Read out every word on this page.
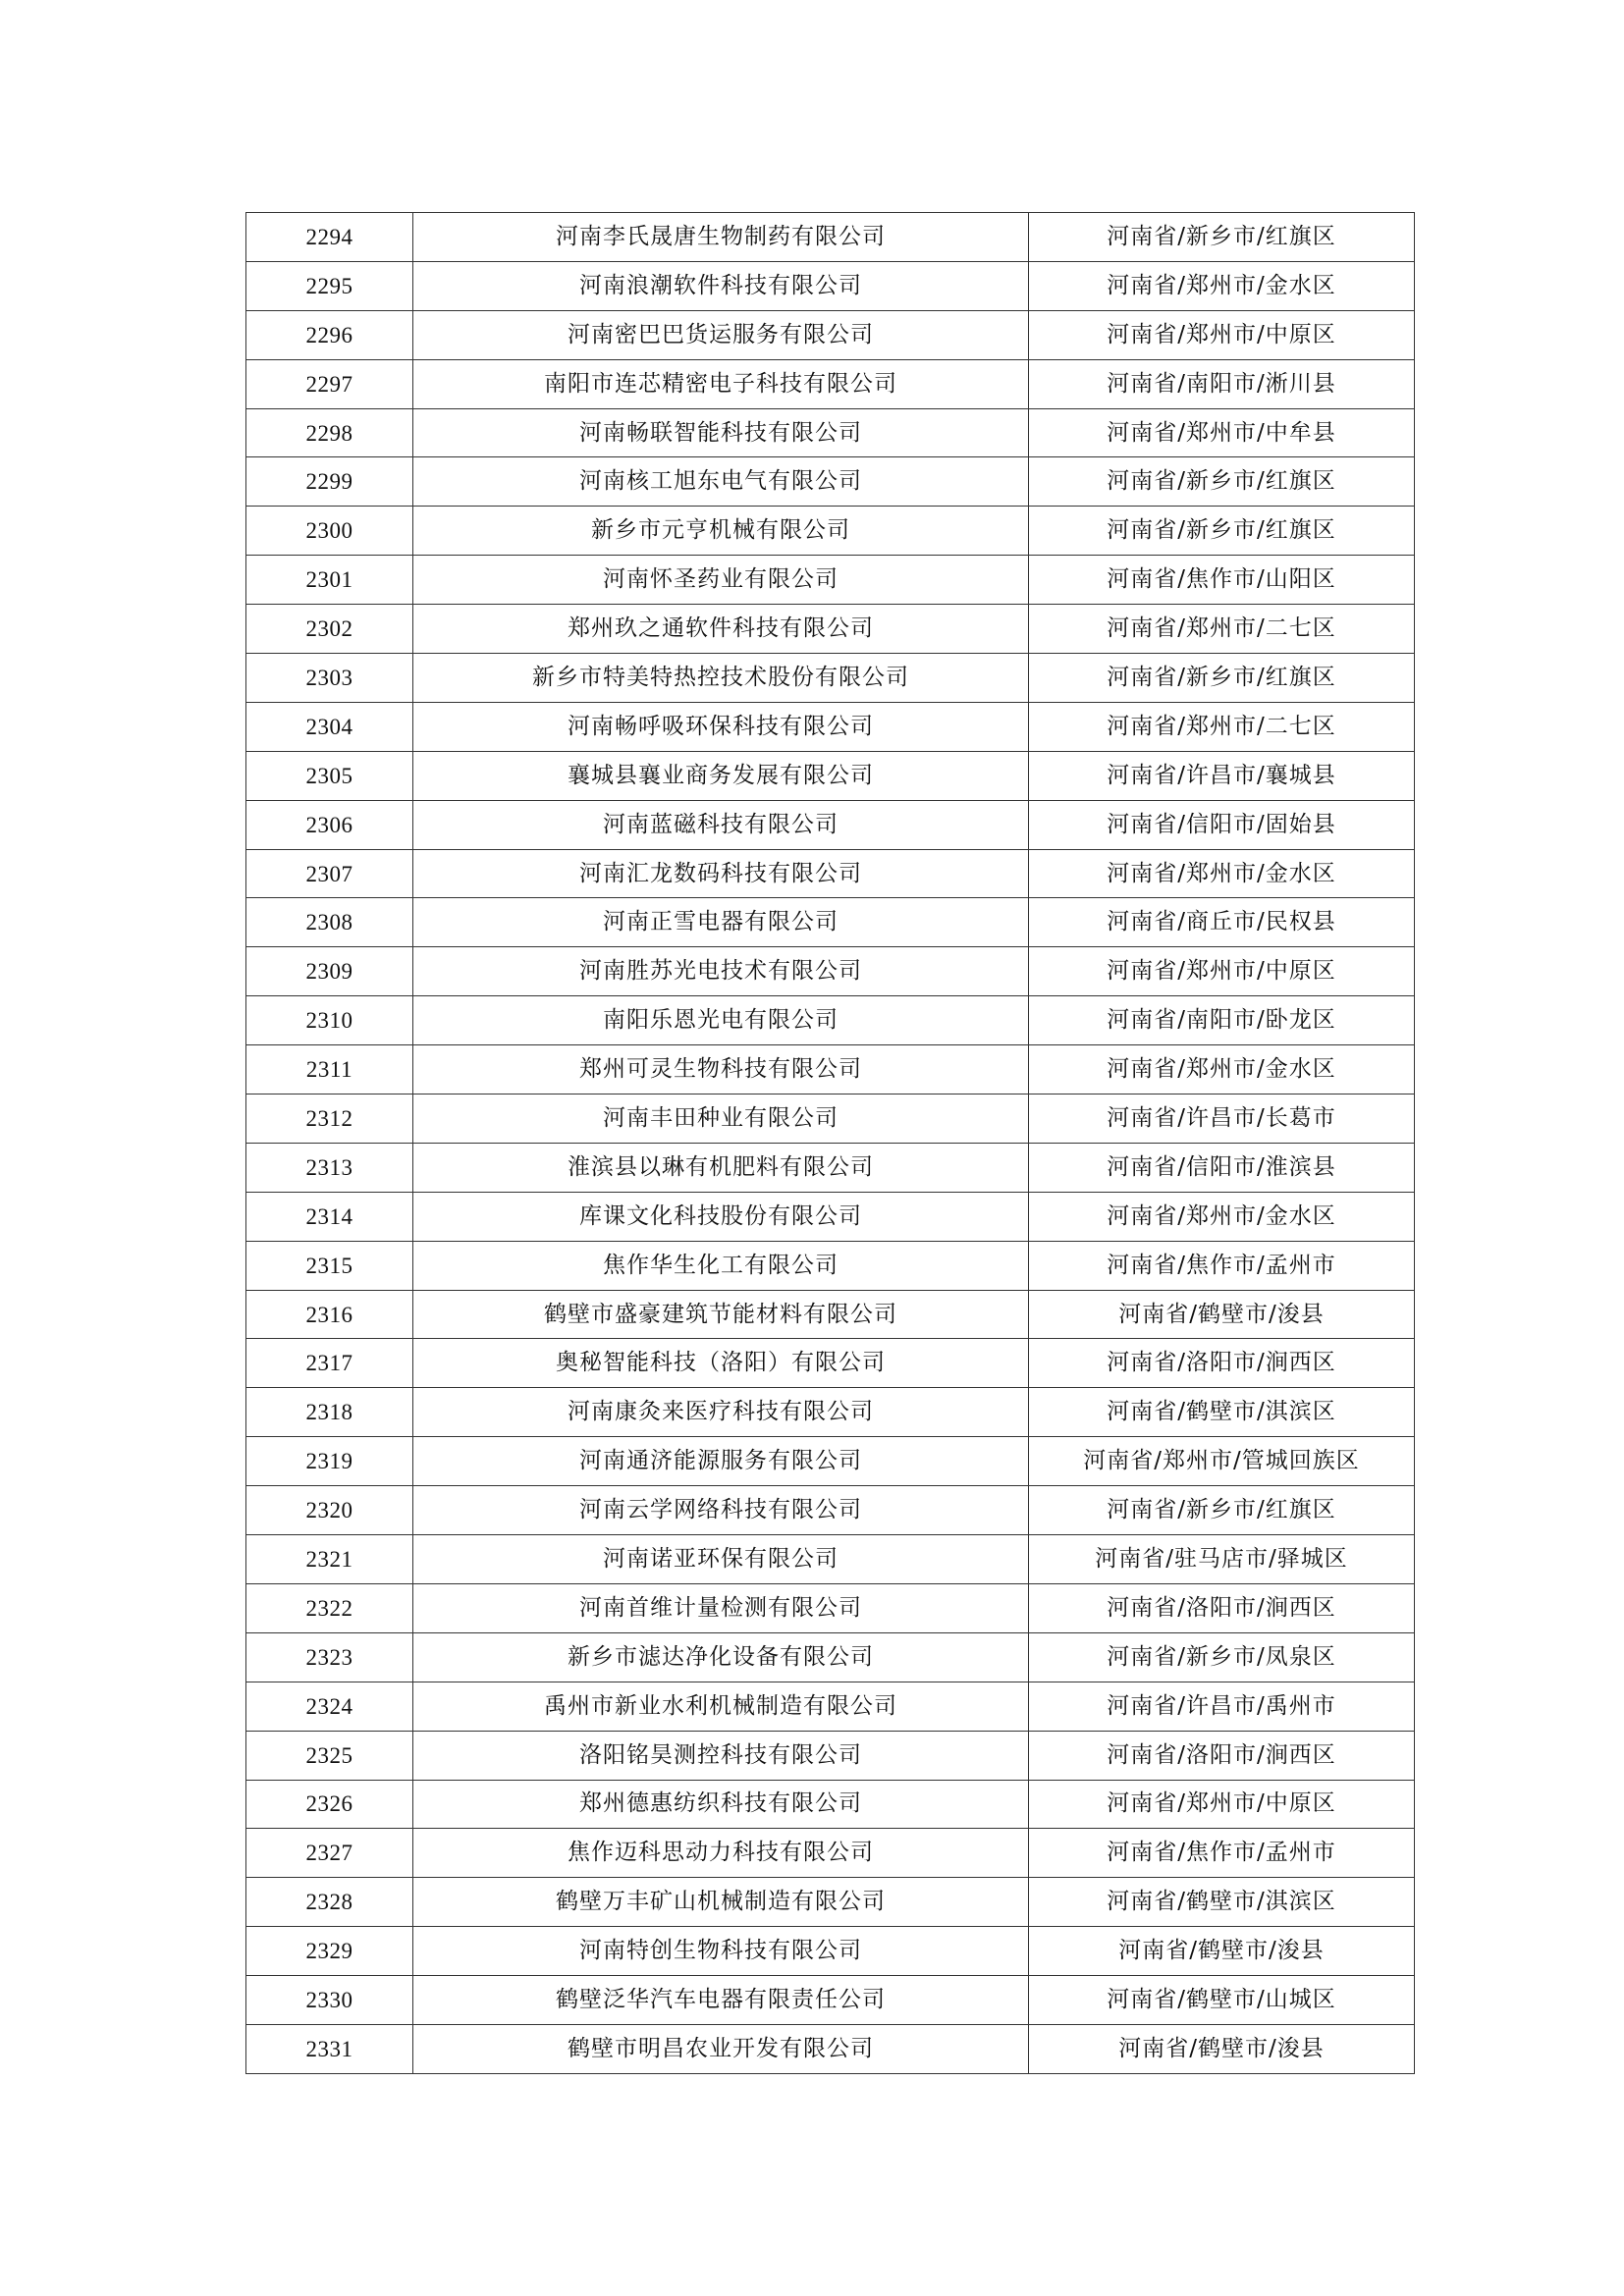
2294	河南李氏晟唐生物制药有限公司	河南省/新乡市/红旗区
2295	河南浪潮软件科技有限公司	河南省/郑州市/金水区
2296	河南密巴巴货运服务有限公司	河南省/郑州市/中原区
2297	南阳市连芯精密电子科技有限公司	河南省/南阳市/淅川县
2298	河南畅联智能科技有限公司	河南省/郑州市/中牟县
2299	河南核工旭东电气有限公司	河南省/新乡市/红旗区
2300	新乡市元亨机械有限公司	河南省/新乡市/红旗区
2301	河南怀圣药业有限公司	河南省/焦作市/山阳区
2302	郑州玖之通软件科技有限公司	河南省/郑州市/二七区
2303	新乡市特美特热控技术股份有限公司	河南省/新乡市/红旗区
2304	河南畅呼吸环保科技有限公司	河南省/郑州市/二七区
2305	襄城县襄业商务发展有限公司	河南省/许昌市/襄城县
2306	河南蓝磁科技有限公司	河南省/信阳市/固始县
2307	河南汇龙数码科技有限公司	河南省/郑州市/金水区
2308	河南正雪电器有限公司	河南省/商丘市/民权县
2309	河南胜苏光电技术有限公司	河南省/郑州市/中原区
2310	南阳乐恩光电有限公司	河南省/南阳市/卧龙区
2311	郑州可灵生物科技有限公司	河南省/郑州市/金水区
2312	河南丰田种业有限公司	河南省/许昌市/长葛市
2313	淮滨县以琳有机肥料有限公司	河南省/信阳市/淮滨县
2314	库课文化科技股份有限公司	河南省/郑州市/金水区
2315	焦作华生化工有限公司	河南省/焦作市/孟州市
2316	鹤壁市盛豪建筑节能材料有限公司	河南省/鹤壁市/浚县
2317	奥秘智能科技（洛阳）有限公司	河南省/洛阳市/涧西区
2318	河南康灸来医疗科技有限公司	河南省/鹤壁市/淇滨区
2319	河南通济能源服务有限公司	河南省/郑州市/管城回族区
2320	河南云学网络科技有限公司	河南省/新乡市/红旗区
2321	河南诺亚环保有限公司	河南省/驻马店市/驿城区
2322	河南首维计量检测有限公司	河南省/洛阳市/涧西区
2323	新乡市滤达净化设备有限公司	河南省/新乡市/凤泉区
2324	禹州市新业水利机械制造有限公司	河南省/许昌市/禹州市
2325	洛阳铭昊测控科技有限公司	河南省/洛阳市/涧西区
2326	郑州德惠纺织科技有限公司	河南省/郑州市/中原区
2327	焦作迈科思动力科技有限公司	河南省/焦作市/孟州市
2328	鹤壁万丰矿山机械制造有限公司	河南省/鹤壁市/淇滨区
2329	河南特创生物科技有限公司	河南省/鹤壁市/浚县
2330	鹤壁泛华汽车电器有限责任公司	河南省/鹤壁市/山城区
2331	鹤壁市明昌农业开发有限公司	河南省/鹤壁市/浚县
